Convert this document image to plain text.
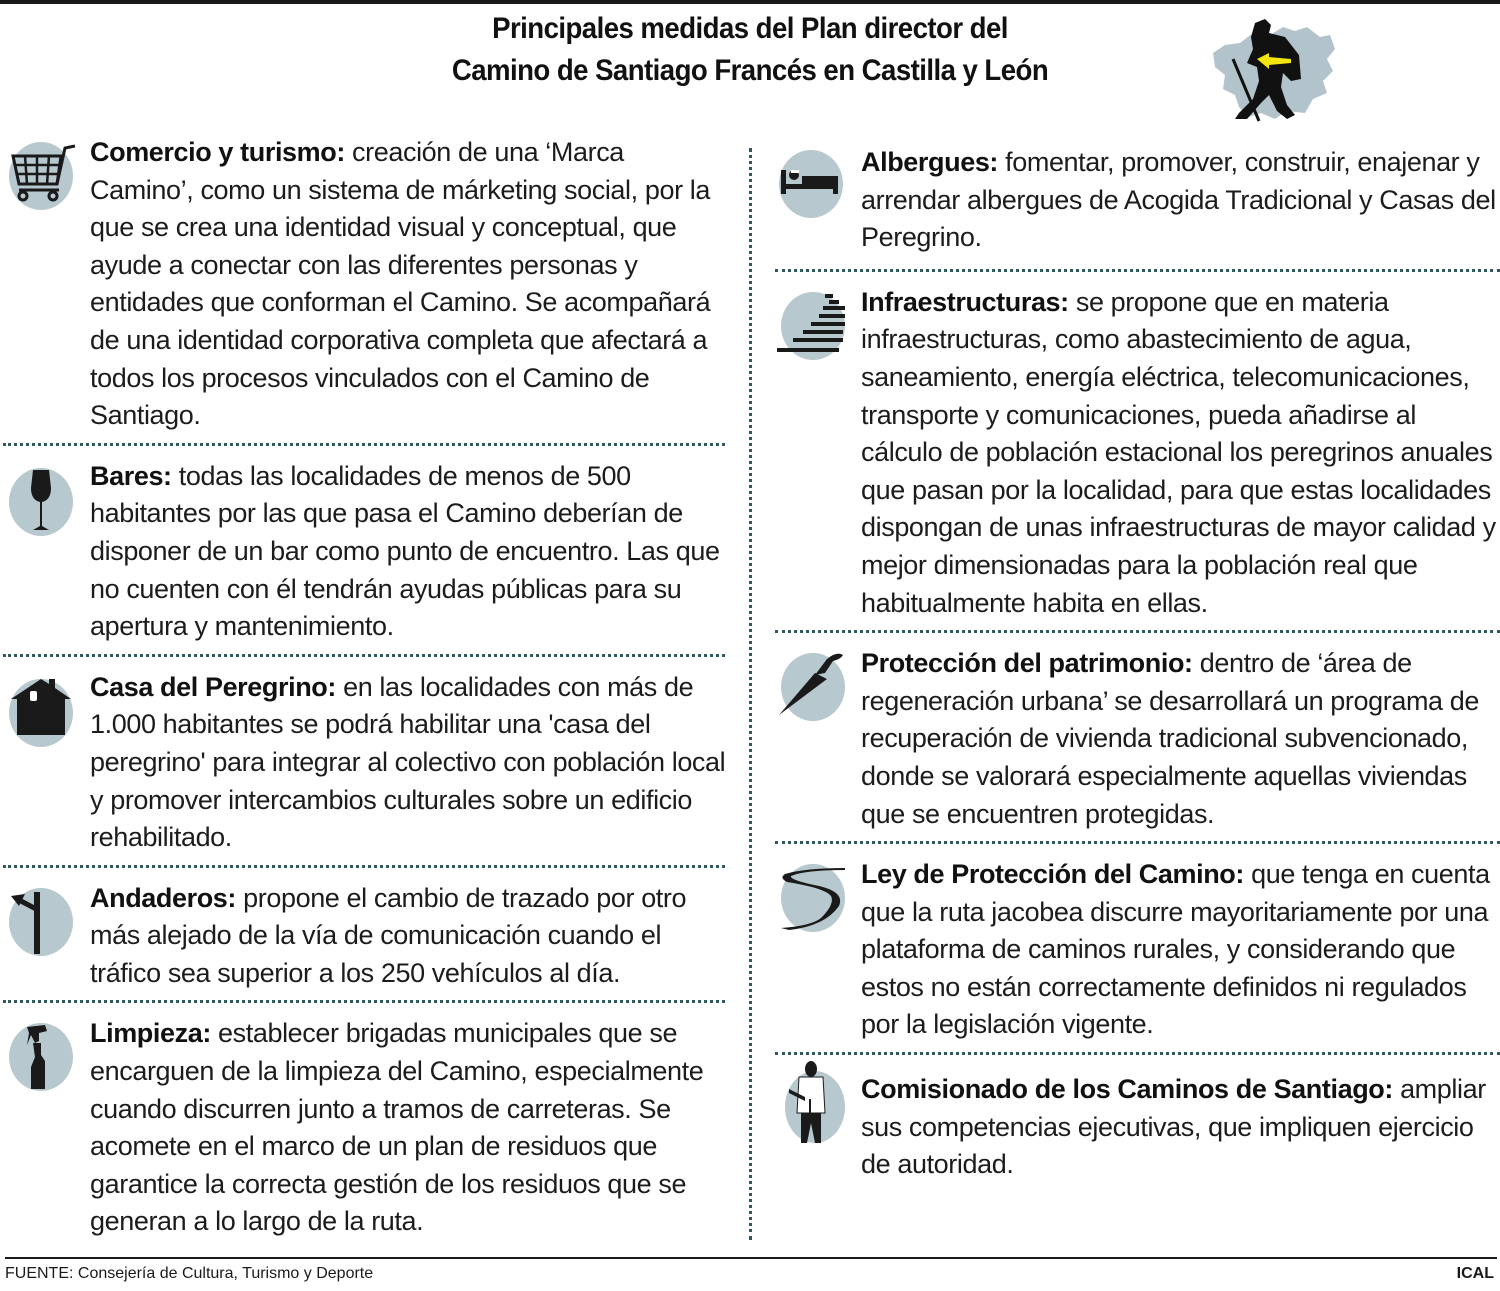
Principales medidas del Plan director del
Camino de Santiago Francés en Castilla y León
Comercio y turismo: creación de una ‘Marca Camino’, como un sistema de márketing social, por la que se crea una identidad visual y conceptual, que ayude a conectar con las diferentes personas y entidades que conforman el Camino. Se acompañará de una identidad corporativa completa que afectará a todos los procesos vinculados con el Camino de Santiago.
Bares: todas las localidades de menos de 500 habitantes por las que pasa el Camino deberían de disponer de un bar como punto de encuentro. Las que no cuenten con él tendrán ayudas públicas para su apertura y mantenimiento.
Casa del Peregrino: en las localidades con más de 1.000 habitantes se podrá habilitar una 'casa del peregrino' para integrar al colectivo con población local y promover intercambios culturales sobre un edificio rehabilitado.
Andaderos: propone el cambio de trazado por otro más alejado de la vía de comunicación cuando el tráfico sea superior a los 250 vehículos al día.
Limpieza: establecer brigadas municipales que se encarguen de la limpieza del Camino, especialmente cuando discurren junto a tramos de carreteras. Se acomete en el marco de un plan de residuos que garantice la correcta gestión de los residuos que se generan a lo largo de la ruta.
Albergues: fomentar, promover, construir, enajenar y arrendar albergues de Acogida Tradicional y Casas del Peregrino.
Infraestructuras: se propone que en materia infraestructuras, como abastecimiento de agua, saneamiento, energía eléctrica, telecomunicaciones, transporte y comunicaciones, pueda añadirse al cálculo de población estacional los peregrinos anuales que pasan por la localidad, para que estas localidades dispongan de unas infraestructuras de mayor calidad y mejor dimensionadas para la población real que habitualmente habita en ellas.
Protección del patrimonio: dentro de ‘área de regeneración urbana’ se desarrollará un programa de recuperación de vivienda tradicional subvencionado, donde se valorará especialmente aquellas viviendas que se encuentren protegidas.
Ley de Protección del Camino: que tenga en cuenta que la ruta jacobea discurre mayoritariamente por una plataforma de caminos rurales, y considerando que estos no están correctamente definidos ni regulados por la legislación vigente.
Comisionado de los Caminos de Santiago: ampliar sus competencias ejecutivas, que impliquen ejercicio de autoridad.
FUENTE: Consejería de Cultura, Turismo y Deporte	ICAL
